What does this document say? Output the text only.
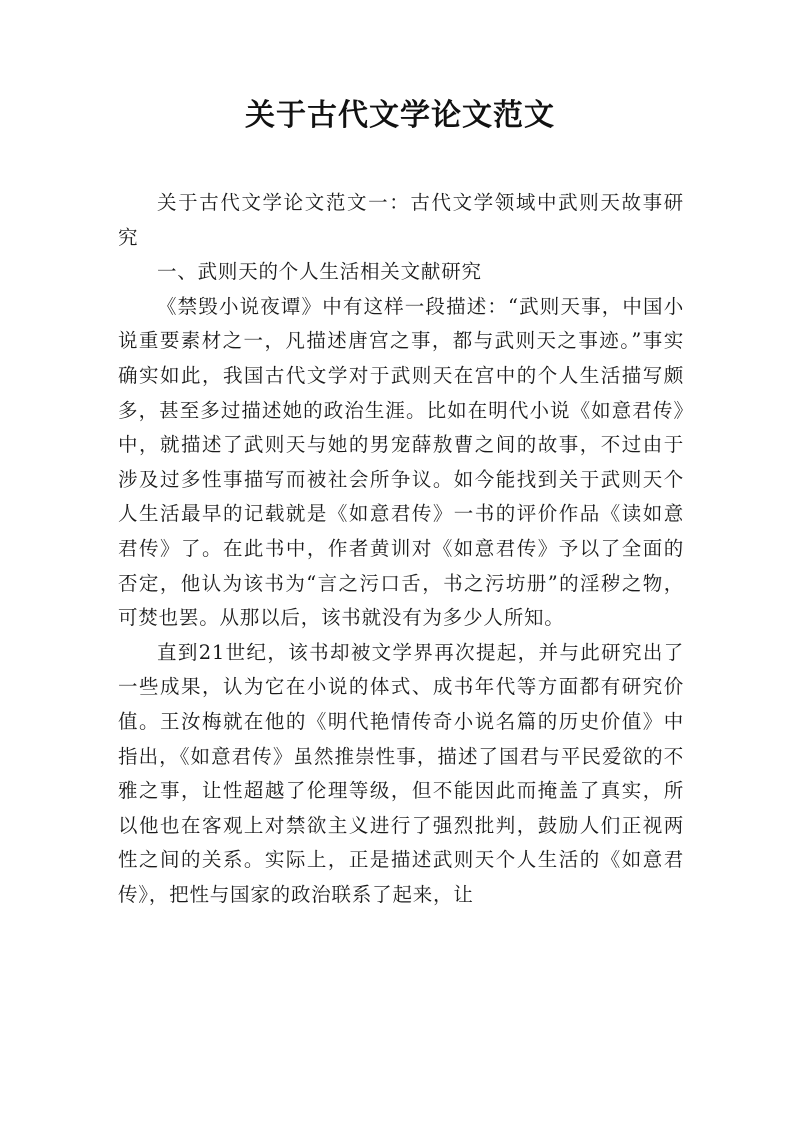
关于古代文学论文范文

关于古代文学论文范文一：古代文学领域中武则天故事研究

一、武则天的个人生活相关文献研究

《禁毁小说夜谭》中有这样一段描述：“武则天事，中国小说重要素材之一，凡描述唐宫之事，都与武则天之事迹。”事实确实如此，我国古代文学对于武则天在宫中的个人生活描写颇多，甚至多过描述她的政治生涯。比如在明代小说《如意君传》中，就描述了武则天与她的男宠薛敖曹之间的故事，不过由于涉及过多性事描写而被社会所争议。如今能找到关于武则天个人生活最早的记载就是《如意君传》一书的评价作品《读如意君传》了。在此书中，作者黄训对《如意君传》予以了全面的否定，他认为该书为“言之污口舌，书之污坊册”的淫秽之物，可焚也罢。从那以后，该书就没有为多少人所知。

直到21世纪，该书却被文学界再次提起，并与此研究出了一些成果，认为它在小说的体式、成书年代等方面都有研究价值。王汝梅就在他的《明代艳情传奇小说名篇的历史价值》中指出，《如意君传》虽然推崇性事，描述了国君与平民爱欲的不雅之事，让性超越了伦理等级，但不能因此而掩盖了真实，所以他也在客观上对禁欲主义进行了强烈批判，鼓励人们正视两性之间的关系。实际上，正是描述武则天个人生活的《如意君传》，把性与国家的政治联系了起来，让
